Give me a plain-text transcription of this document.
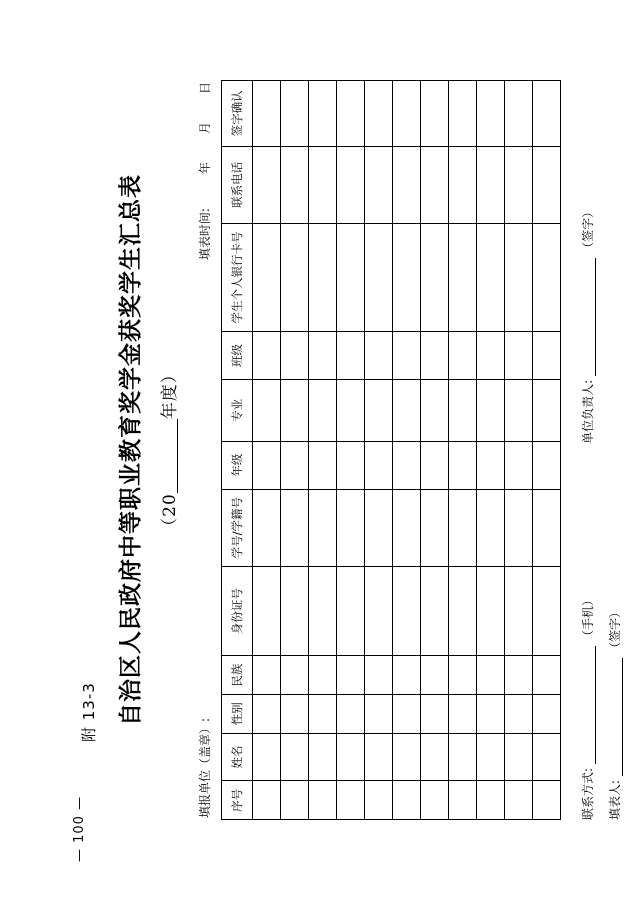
附 13-3
— 100 —
自治区人民政府中等职业教育奖学金获奖学生汇总表 （20年度）
填报单位（盖章）:
填表时间:年月日
序号	姓名	性别	民族	身份证号	学号/学籍号	年级	专业	班级	学生个人银行卡号	联系电话	签字确认

联系方式:
（手机）
单位负责人:
（签字）
填表人:
（签字）
